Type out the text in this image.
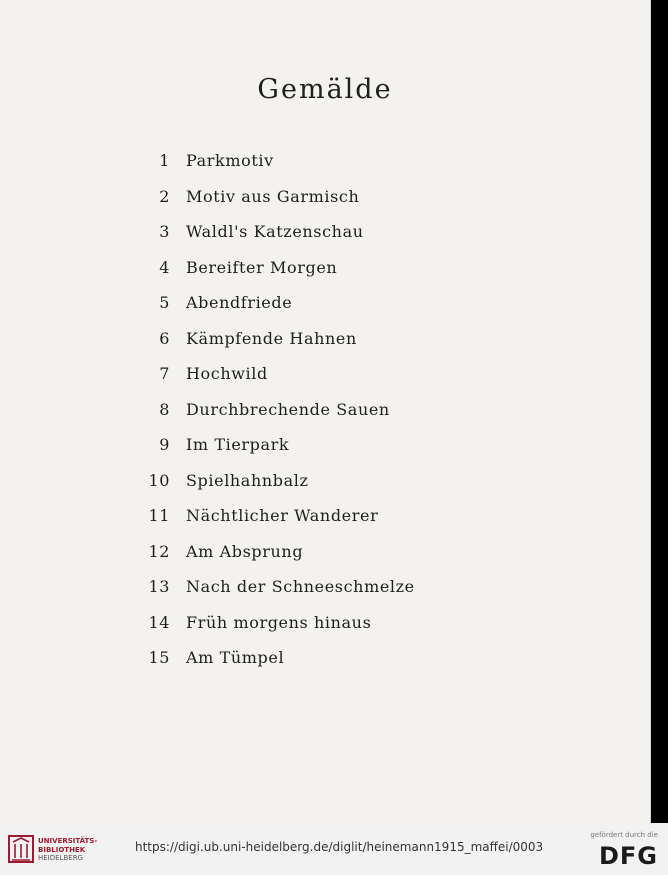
Gemälde
1 Parkmotiv
2 Motiv aus Garmisch
3 Waldl's Katzenschau
4 Bereifter Morgen
5 Abendfriede
6 Kämpfende Hahnen
7 Hochwild
8 Durchbrechende Sauen
9 Im Tierpark
10 Spielhahnbalz
11 Nächtlicher Wanderer
12 Am Absprung
13 Nach der Schneeschmelze
14 Früh morgens hinaus
15 Am Tümpel
UNIVERSITÄTS-
BIBLIOTHEK
HEIDELBERG
https://digi.ub.uni-heidelberg.de/diglit/heinemann1915_maffei/0003
gefördert durch die
DFG
